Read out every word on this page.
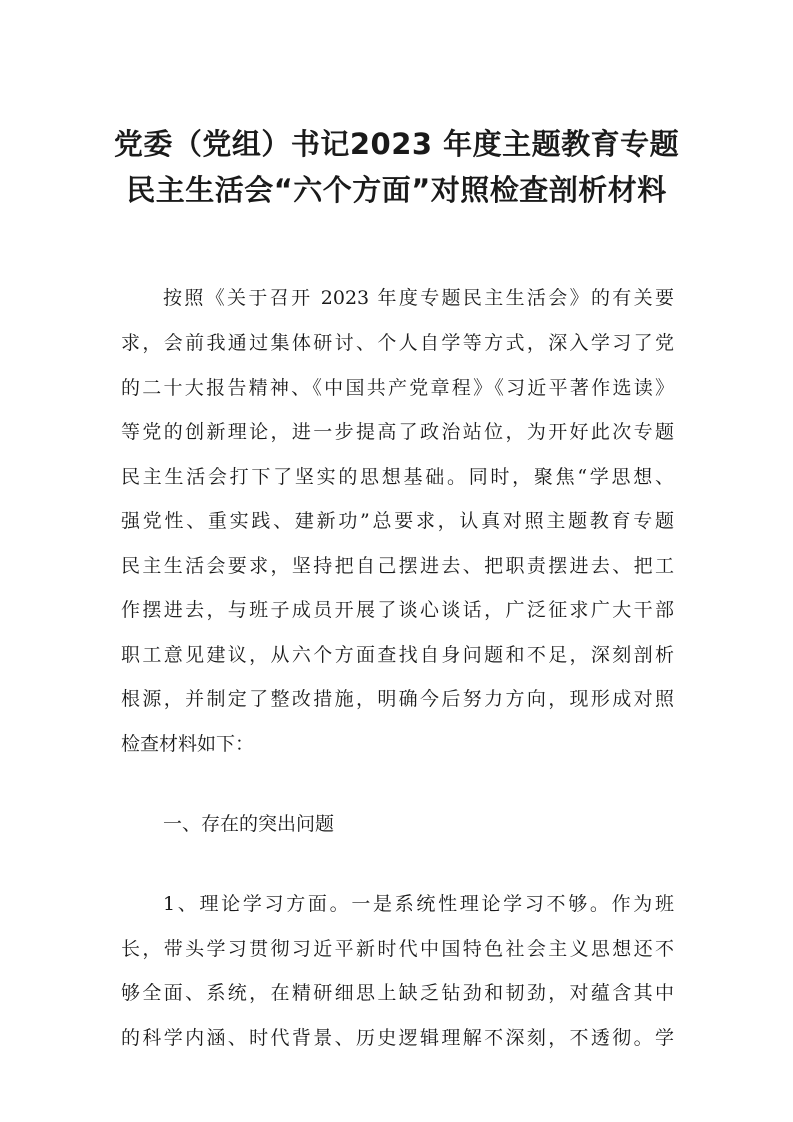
党委（党组）书记2023 年度主题教育专题
民主生活会“六个方面”对照检查剖析材料
按照《关于召开 2023 年度专题民主生活会》的有关要
求，会前我通过集体研讨、个人自学等方式，深入学习了党
的二十大报告精神、《中国共产党章程》《习近平著作选读》
等党的创新理论，进一步提高了政治站位，为开好此次专题
民主生活会打下了坚实的思想基础。同时，聚焦“学思想、
强党性、重实践、建新功”总要求，认真对照主题教育专题
民主生活会要求，坚持把自己摆进去、把职责摆进去、把工
作摆进去，与班子成员开展了谈心谈话，广泛征求广大干部
职工意见建议，从六个方面查找自身问题和不足，深刻剖析
根源，并制定了整改措施，明确今后努力方向，现形成对照
检查材料如下：
一、存在的突出问题
1、理论学习方面。一是系统性理论学习不够。作为班
长，带头学习贯彻习近平新时代中国特色社会主义思想还不
够全面、系统，在精研细思上缺乏钻劲和韧劲，对蕴含其中
的科学内涵、时代背景、历史逻辑理解不深刻，不透彻。学
